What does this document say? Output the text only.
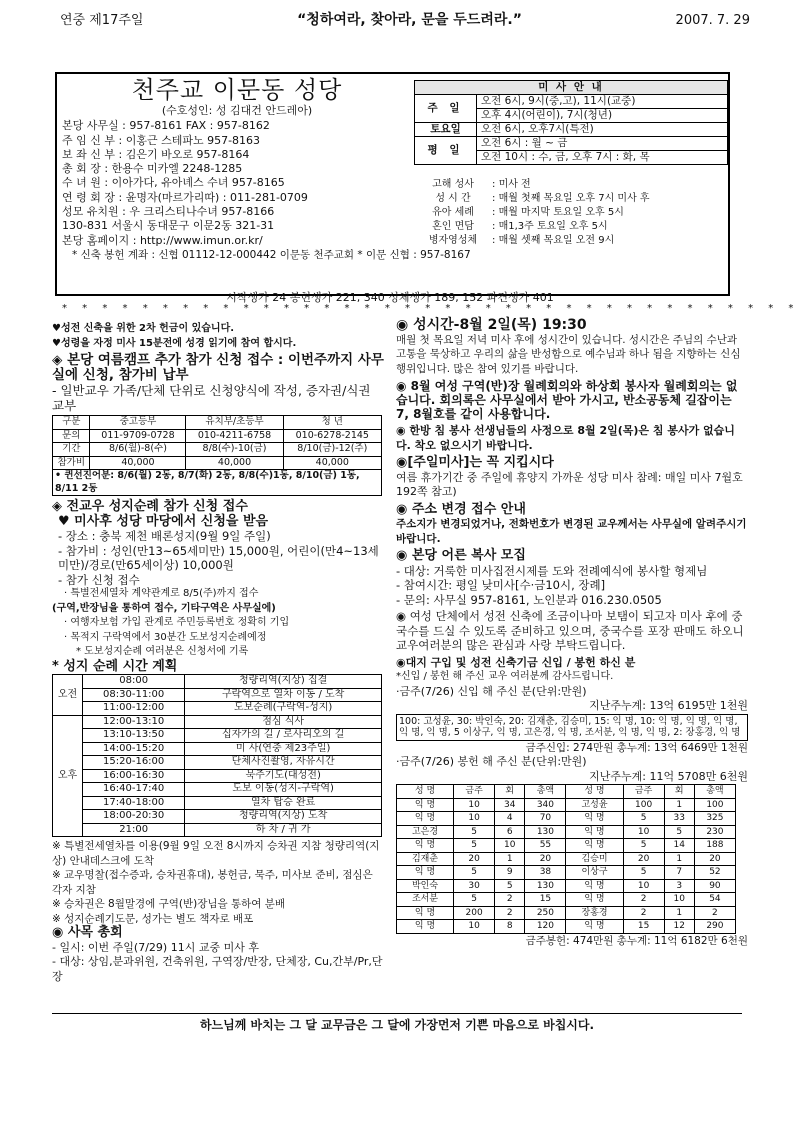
연중 제17주일	“청하여라, 찾아라, 문을 두드려라.”	2007. 7. 29
천주교 이문동 성당
(수호성인: 성 김대건 안드레아)
본당 사무실 : 957-8161 FAX : 957-8162
주 임 신 부 : 이홍근 스테파노 957-8163
보 좌 신 부 : 김은기 바오로 957-8164
총 회 장 : 한용수 미카엘 2248-1285
수 녀 원 : 이아가다, 유아녜스 수녀 957-8165
연 령 회 장 : 윤명자(마르가리따) : 011-281-0709
성모 유치원 : 우 크리스티나수녀 957-8166
130-831 서울시 동대문구 이문2동 321-31
본당 홈페이지 : http://www.imun.or.kr/
* 신축 봉헌 계좌 : 신협 01112-12-000442 이문동 천주교회 * 이문 신협 : 957-8167
미 사 안 내	
주 일	오전 6시, 9시(중,고), 11시(교중)
	오후 4시(어린이), 7시(청년)
토요일	오전 6시, 오후7시(특전)
평 일	오전 6시 : 월 ~ 금
	오전 10시 : 수, 금, 오후 7시 : 화, 목
고해 성사	: 미사 전
성 시 간	: 매월 첫째 목요일 오후 7시 미사 후
유아 세례	: 매월 마지막 토요일 오후 5시
혼인 면담	: 매1,3주 토요일 오후 5시
병자영성체	: 매월 셋째 목요일 오전 9시
시작생가 24 봉헌생가 221, 340 성체생가 189, 152 파견생가 401
* * * * * * * * * * * * * * * * * * * * * * * * * * * * * * * * * * * * *
♥성전 신축을 위한 2차 헌금이 있습니다.
♥성령을 자정 미사 15분전에 성경 읽기에 참여 합시다.
◈ 본당 여름캠프 추가 참가 신청 접수 : 이번주까지 사무실에 신청, 참가비 납부
- 일반교우 가족/단체 단위로 신청양식에 작성, 증자권/식권 교부
구분	중고등부	유치부/초등부	청 년
문의	011-9709-0728	010-4211-6758	010-6278-2145
기간	8/6(월)-8(수)	8/8(수)-10(금)	8/10(금)-12(주)
참가비	40,000	40,000	40,000
• 퀸선진어분: 8/6(월) 2동, 8/7(화) 2동, 8/8(수)1동, 8/10(금) 1동, 8/11 2동			
◈ 전교우 성지순례 참가 신청 접수
♥ 미사후 성당 마당에서 신청을 받음
- 장소 : 충북 제천 배론성지(9월 9일 주일)
- 참가비 : 성인(만13~65세미만) 15,000원, 어린이(만4~13세미만)/경로(만65세이상) 10,000원
- 참가 신청 접수
· 특별전세열차 계약관계로 8/5(주)까지 접수
(구역,반장님을 통하여 접수, 기타구역은 사무실에)
· 여행자보험 가입 관계로 주민등록번호 정확히 기입
· 목적지 구락역에서 30분간 도보성지순례예정
* 도보성지순례 여러분은 신청서에 기록
* 성지 순례 시간 계획
오전	08:00	청량리역(지상) 집결
	08:30-11:00	구락역으로 열차 이동 / 도착
	11:00-12:00	도보순례(구락역-성지)
오후	12:00-13:10	점심 식사
	13:10-13:50	십자가의 길 / 로사리오의 길
	14:00-15:20	미 사(연중 제23주일)
	15:20-16:00	단체사진촬영, 자유시간
	16:00-16:30	묵주기도(대성전)
	16:40-17:40	도보 이동(성지-구락역)
	17:40-18:00	열차 탑승 완료
	18:00-20:30	청량리역(지상) 도착
	21:00	하 차 / 귀 가
※ 특별전세열차를 이용(9월 9일 오전 8시까지 승차권 지참 청량리역(지상) 안내데스크에 도착
※ 교우명찰(접수증과, 승차권휴대), 봉헌금, 묵주, 미사보 준비, 점심은 각자 지참
※ 승차권은 8월말경에 구역(반)장님을 통하여 분배
※ 성지순례기도문, 성가는 별도 책자로 배포
◉ 사목 총회
- 일시: 이번 주일(7/29) 11시 교중 미사 후
- 대상: 상임,분과위원, 건축위원, 구역장/반장, 단체장, Cu,간부/Pr,단장
◉ 성시간-8월 2일(목) 19:30
매월 첫 목요일 저녁 미사 후에 성시간이 있습니다. 성시간은 주님의 수난과 고통을 묵상하고 우리의 삶을 반성함으로 예수님과 하나 됨을 지향하는 신심 행위입니다. 많은 참여 있기를 바랍니다.
◉ 8월 여성 구역(반)장 월례회의와 하상회 봉사자 월례회의는 없습니다. 회의록은 사무실에서 받아 가시고, 반소공동체 길잡이는 7, 8월호를 같이 사용합니다.
◉ 한방 침 봉사 선생님들의 사정으로 8월 2일(목)은 침 봉사가 없습니다. 착오 없으시기 바랍니다.
◉[주일미사]는 꼭 지킵시다
여름 휴가기간 중 주일에 휴양지 가까운 성당 미사 참례: 매일 미사 7월호 192쪽 참고)
◉ 주소 변경 접수 안내
주소지가 변경되었거나, 전화번호가 변경된 교우께서는 사무실에 알려주시기 바랍니다.
◉ 본당 어른 복사 모집
- 대상: 거룩한 미사집전시제를 도와 전례예식에 봉사할 형제님
- 참여시간: 평일 낮미사[수·금10시, 장례]
- 문의: 사무실 957-8161, 노인분과 016.230.0505
◉ 여성 단체에서 성전 신축에 조금이나마 보탬이 되고자 미사 후에 중국수를 드실 수 있도록 준비하고 있으며, 중국수를 포장 판매도 하오니 교우여러분의 많은 관심과 사랑 부탁드립니다.
◉대지 구입 및 성전 신축기금 신입 / 봉헌 하신 분
*신입 / 봉헌 해 주신 교우 여러분께 감사드립니다.
·금주(7/26) 신입 해 주신 분(단위:만원)
지난주누계: 13억 6195만 1천원
100: 고성윤, 30: 박인숙, 20: 김재춘, 김승미, 15: 익 명, 10: 익 명, 익 명, 익 명, 익 명, 익 명, 5 이상구, 익 명, 고은경, 익 명, 조서분, 익 명, 익 명, 2: 장홍경, 익 명
금주신입: 274만원 총누계: 13억 6469만 1천원
·금주(7/26) 봉헌 해 주신 분(단위:만원)
지난주누계: 11억 5708만 6천원
성 명	금주	회	총액	성 명	금주	회	총액
익 명	10	34	340	고성윤	100	1	100
익 명	10	4	70	익 명	5	33	325
고은경	5	6	130	익 명	10	5	230
익 명	5	10	55	익 명	5	14	188
김재춘	20	1	20	김승미	20	1	20
익 명	5	9	38	이상구	5	7	52
박인숙	30	5	130	익 명	10	3	90
조서분	5	2	15	익 명	2	10	54
익 명	200	2	250	장홍경	2	1	2
익 명	10	8	120	익 명	15	12	290
금주봉헌: 474만원 총누계: 11억 6182만 6천원
하느님께 바치는 그 달 교무금은 그 달에 가장먼저 기쁜 마음으로 바칩시다.
